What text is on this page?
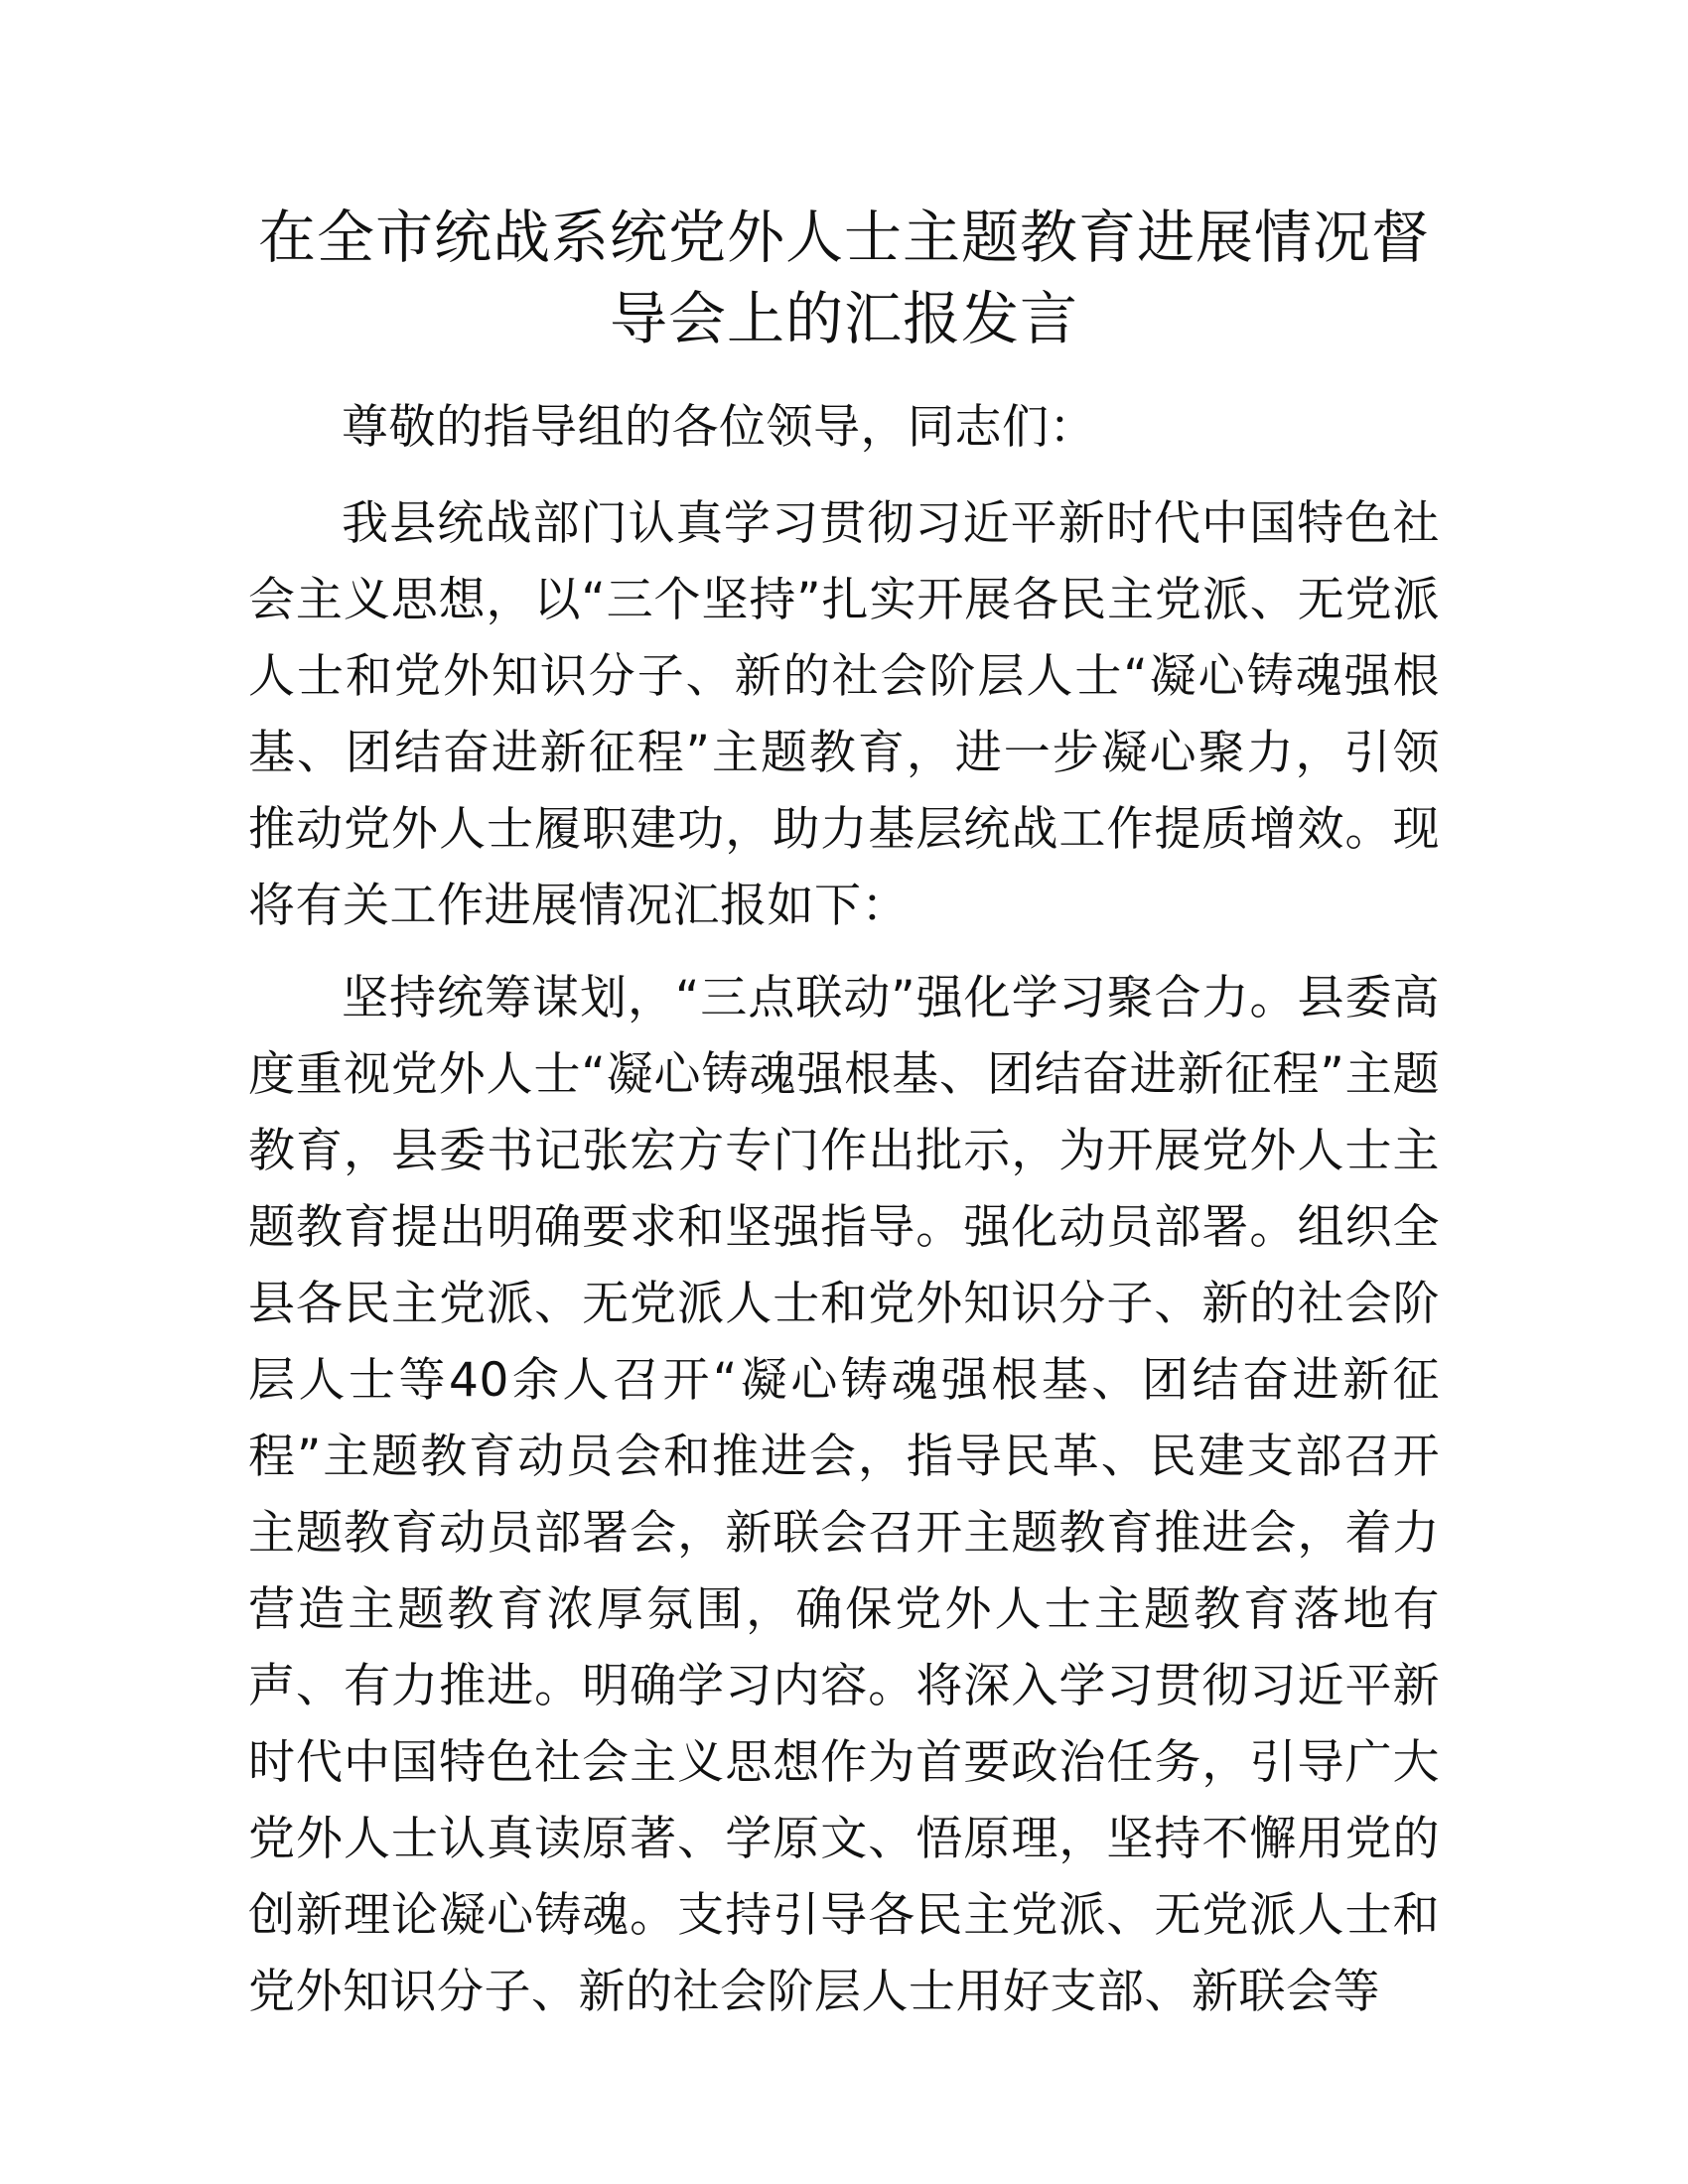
在全市统战系统党外人士主题教育进展情况督导会上的汇报发言

尊敬的指导组的各位领导，同志们：

我县统战部门认真学习贯彻习近平新时代中国特色社会主义思想，以“三个坚持”扎实开展各民主党派、无党派人士和党外知识分子、新的社会阶层人士“凝心铸魂强根基、团结奋进新征程”主题教育，进一步凝心聚力，引领推动党外人士履职建功，助力基层统战工作提质增效。现将有关工作进展情况汇报如下：

坚持统筹谋划，“三点联动”强化学习聚合力。县委高度重视党外人士“凝心铸魂强根基、团结奋进新征程”主题教育，县委书记张宏方专门作出批示，为开展党外人士主题教育提出明确要求和坚强指导。强化动员部署。组织全县各民主党派、无党派人士和党外知识分子、新的社会阶层人士等40余人召开“凝心铸魂强根基、团结奋进新征程”主题教育动员会和推进会，指导民革、民建支部召开主题教育动员部署会，新联会召开主题教育推进会，着力营造主题教育浓厚氛围，确保党外人士主题教育落地有声、有力推进。明确学习内容。将深入学习贯彻习近平新时代中国特色社会主义思想作为首要政治任务，引导广大党外人士认真读原著、学原文、悟原理，坚持不懈用党的创新理论凝心铸魂。支持引导各民主党派、无党派人士和党外知识分子、新的社会阶层人士用好支部、新联会等
